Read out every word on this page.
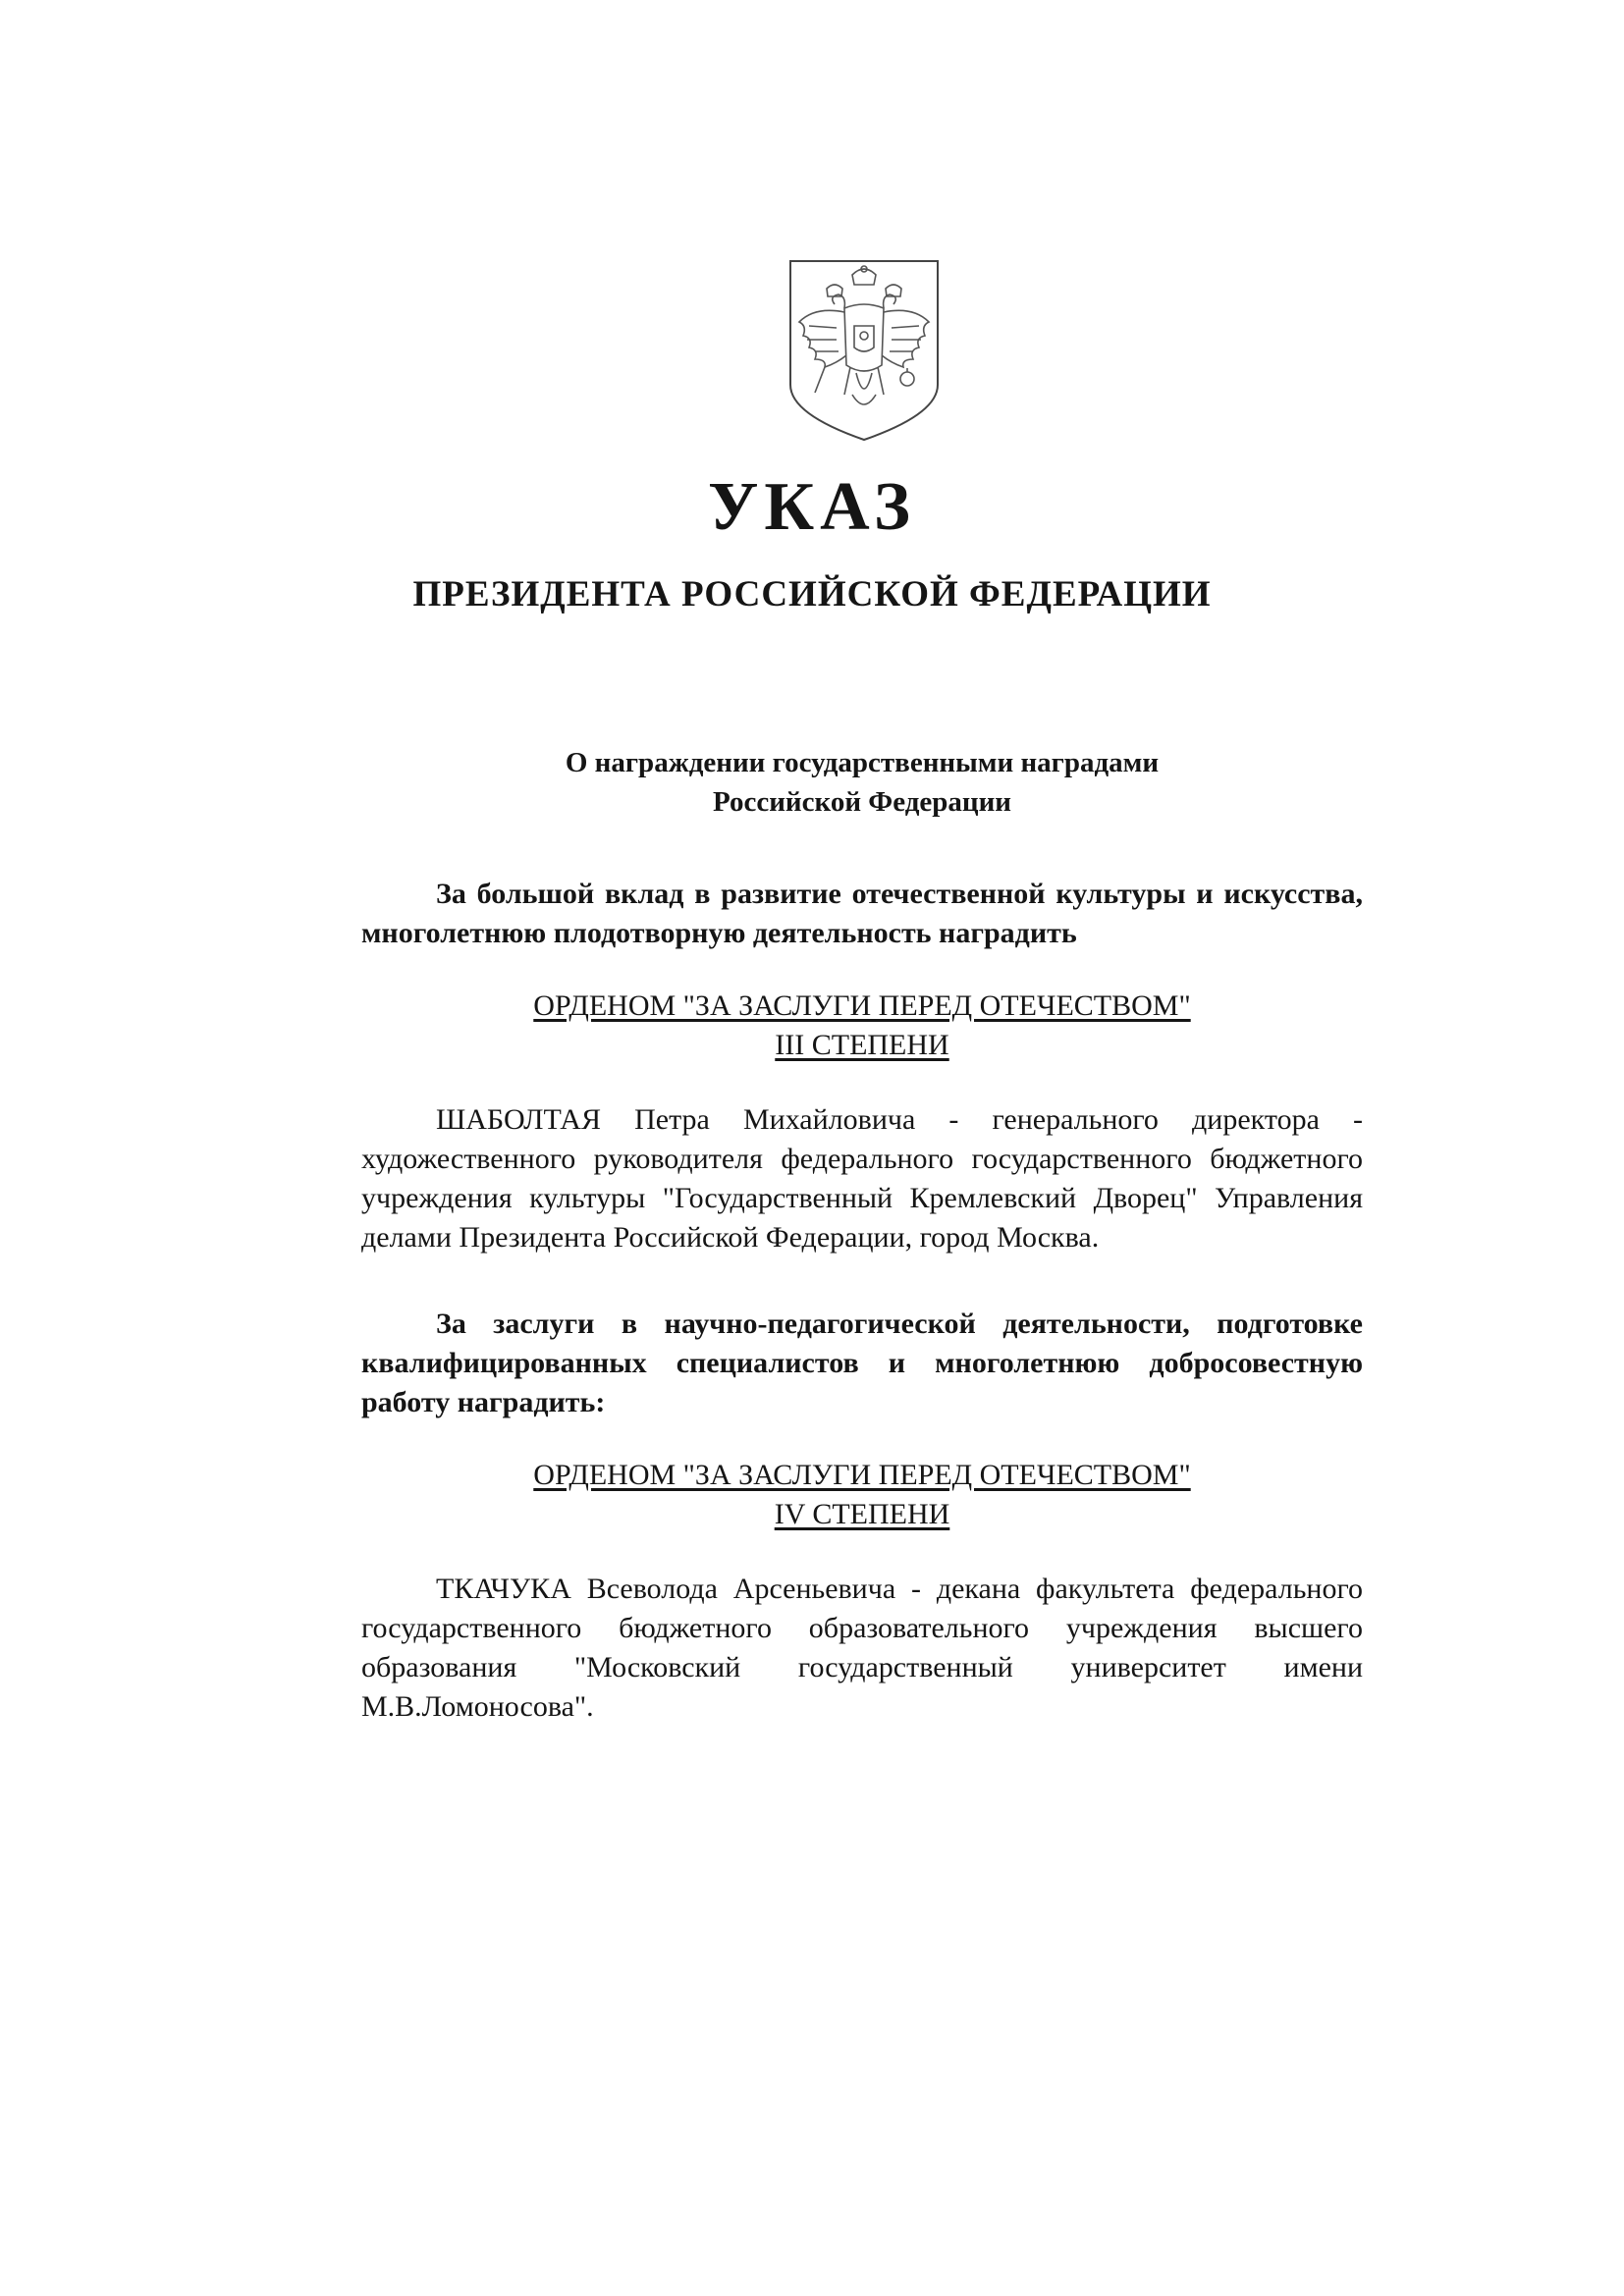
УКАЗ
ПРЕЗИДЕНТА РОССИЙСКОЙ ФЕДЕРАЦИИ

О награждении государственными наградами

Российской Федерации

За большой вклад в развитие отечественной культуры и искусства, многолетнюю плодотворную деятельность наградить

ОРДЕНОМ "ЗА ЗАСЛУГИ ПЕРЕД ОТЕЧЕСТВОМ"

III СТЕПЕНИ

ШАБОЛТАЯ Петра Михайловича - генерального директора - художественного руководителя федерального государственного бюджетного учреждения культуры "Государственный Кремлевский Дворец" Управления делами Президента Российской Федерации, город Москва.

За заслуги в научно-педагогической деятельности, подготовке квалифицированных специалистов и многолетнюю добросовестную работу наградить:

ОРДЕНОМ "ЗА ЗАСЛУГИ ПЕРЕД ОТЕЧЕСТВОМ"

IV СТЕПЕНИ

ТКАЧУКА Всеволода Арсеньевича - декана факультета федерального государственного бюджетного образовательного учреждения высшего образования "Московский государственный университет имени М.В.Ломоносова".
